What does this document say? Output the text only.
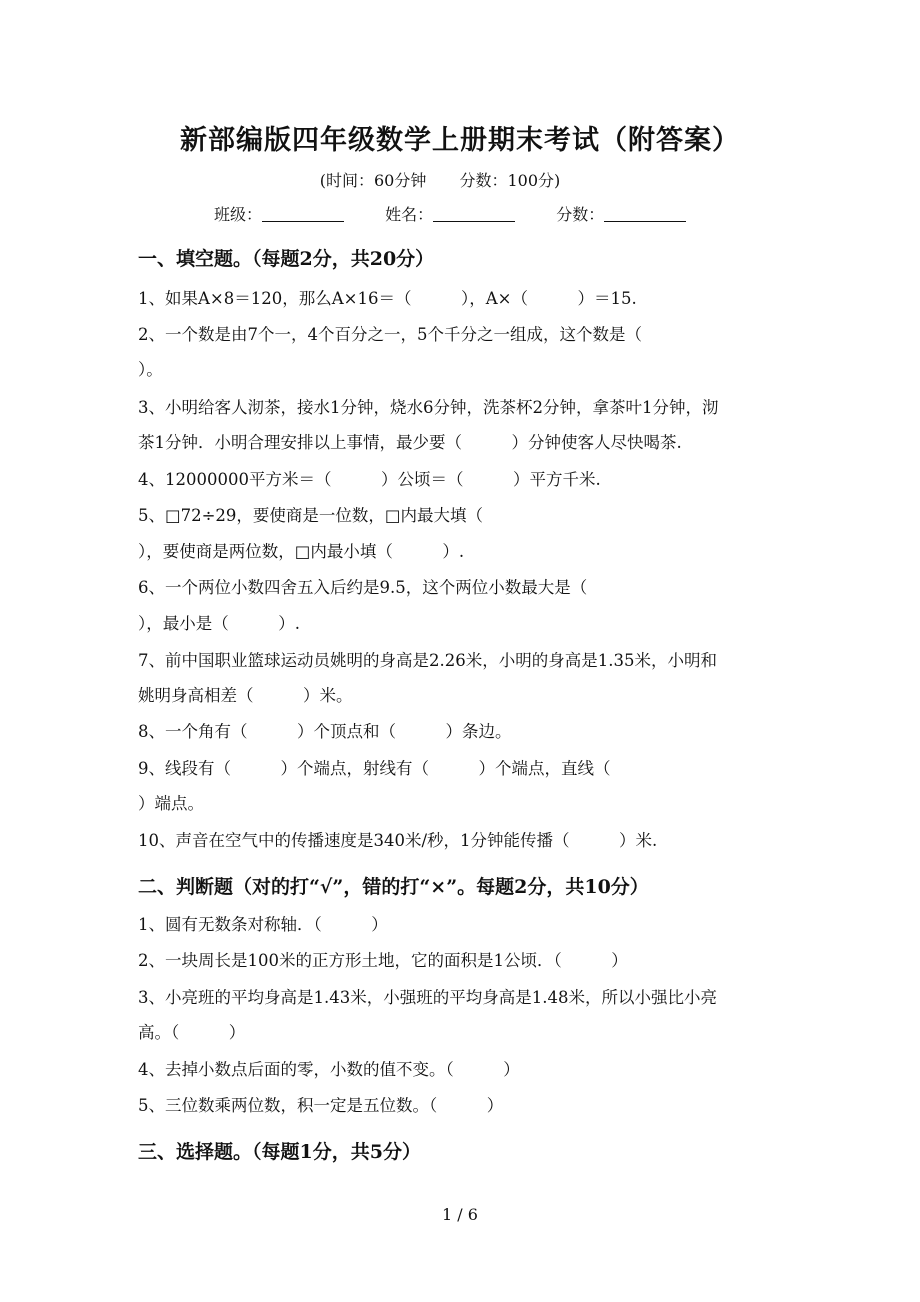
新部编版四年级数学上册期末考试（附答案）
(时间：60分钟 分数：100分)
班级：	姓名：	分数：
一、填空题。（每题2分，共20分）
1、如果A×8＝120，那么A×16＝（　　　），A×（　　　）＝15.
2、一个数是由7个一，4个百分之一，5个千分之一组成，这个数是（
）。
3、小明给客人沏茶，接水1分钟，烧水6分钟，洗茶杯2分钟，拿茶叶1分钟，沏
茶1分钟．小明合理安排以上事情，最少要（　　　）分钟使客人尽快喝茶.
4、12000000平方米＝（　　　）公顷＝（　　　）平方千米.
5、□72÷29，要使商是一位数，□内最大填（
），要使商是两位数，□内最小填（　　　）.
6、一个两位小数四舍五入后约是9.5，这个两位小数最大是（
），最小是（　　　）.
7、前中国职业篮球运动员姚明的身高是2.26米，小明的身高是1.35米，小明和
姚明身高相差（　　　）米。
8、一个角有（　　　）个顶点和（　　　）条边。
9、线段有（　　　）个端点，射线有（　　　）个端点，直线（
）端点。
10、声音在空气中的传播速度是340米/秒，1分钟能传播（　　　）米.
二、判断题（对的打“√”，错的打“×”。每题2分，共10分）
1、圆有无数条对称轴．（　　　）
2、一块周长是100米的正方形土地，它的面积是1公顷．（　　　）
3、小亮班的平均身高是1.43米，小强班的平均身高是1.48米，所以小强比小亮
高。（　　　）
4、去掉小数点后面的零，小数的值不变。（　　　）
5、三位数乘两位数，积一定是五位数。（　　　）
三、选择题。（每题1分，共5分）
1 / 6
